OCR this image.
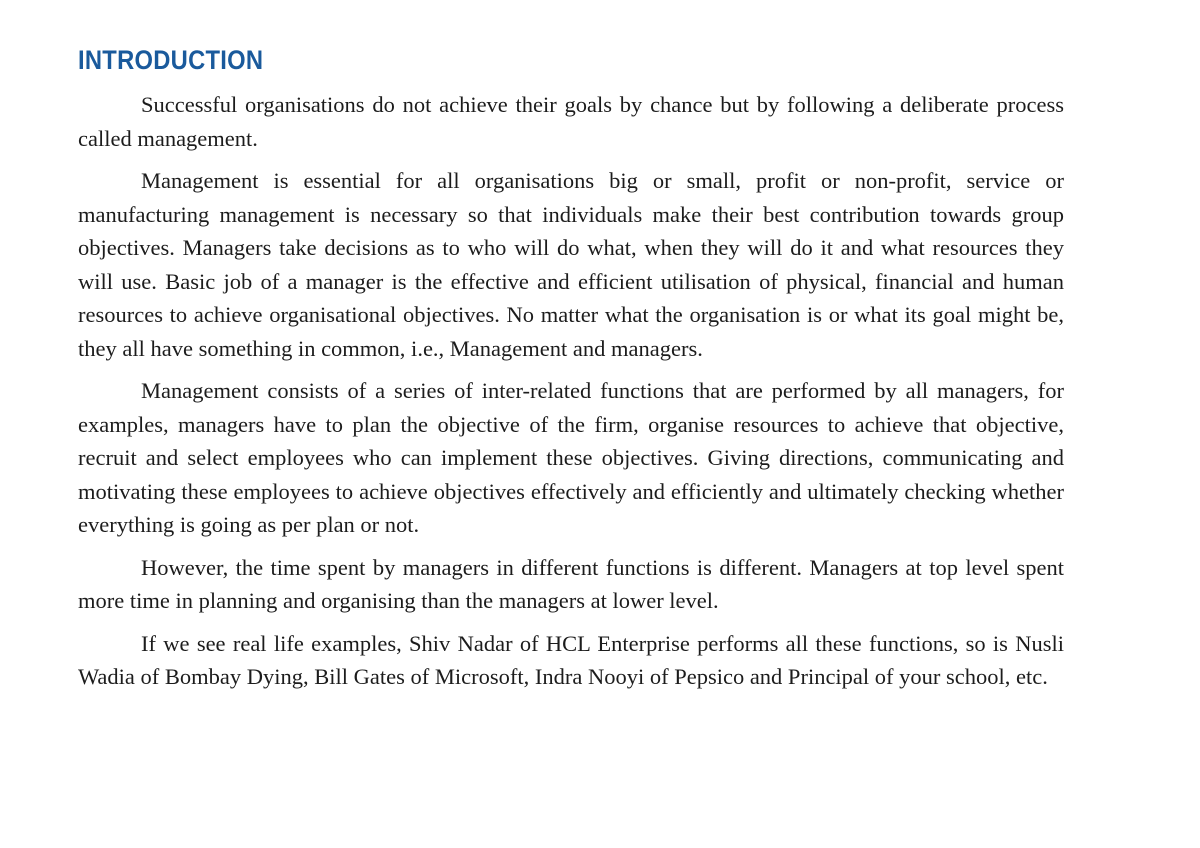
INTRODUCTION

Successful organisations do not achieve their goals by chance but by following a deliberate process called management.

Management is essential for all organisations big or small, profit or non-profit, service or manufacturing management is necessary so that individuals make their best contribution towards group objectives. Managers take decisions as to who will do what, when they will do it and what resources they will use. Basic job of a manager is the effective and efficient utilisation of physical, financial and human resources to achieve organisational objectives. No matter what the organisation is or what its goal might be, they all have something in common, i.e., Management and managers.

Management consists of a series of inter-related functions that are performed by all managers, for examples, managers have to plan the objective of the firm, organise resources to achieve that objective, recruit and select employees who can implement these objectives. Giving directions, communicating and motivating these employees to achieve objectives effectively and efficiently and ultimately checking whether everything is going as per plan or not.

However, the time spent by managers in different functions is different. Managers at top level spent more time in planning and organising than the managers at lower level.

If we see real life examples, Shiv Nadar of HCL Enterprise performs all these functions, so is Nusli Wadia of Bombay Dying, Bill Gates of Microsoft, Indra Nooyi of Pepsico and Principal of your school, etc.
